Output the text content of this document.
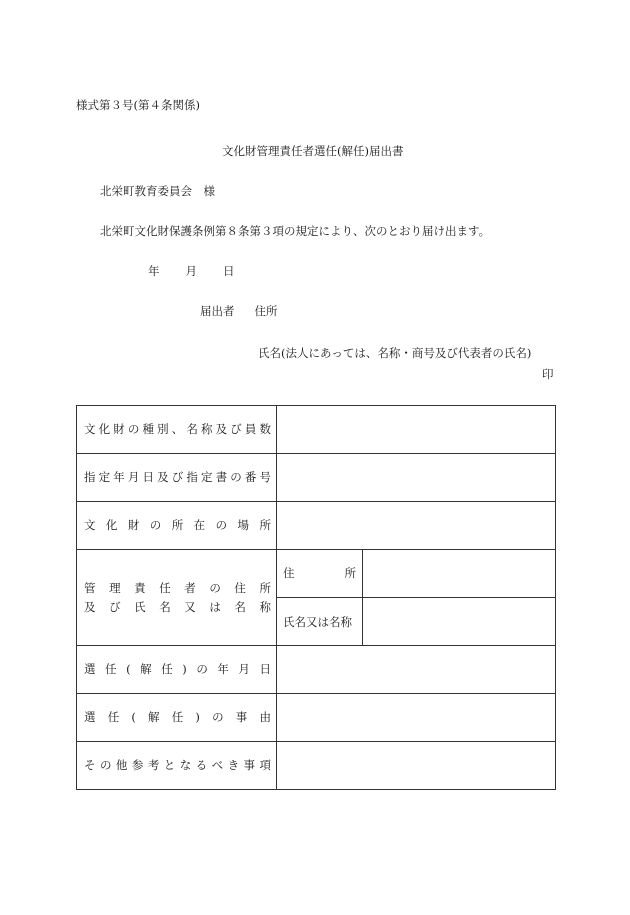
様式第３号(第４条関係)
文化財管理責任者選任(解任)届出書
北栄町教育委員会　様
北栄町文化財保護条例第８条第３項の規定により、次のとおり届け出ます。
年 月 日
届出者 住所
氏名(法人にあっては、名称・商号及び代表者の氏名)
印
文化財の種別、名称及び員数		

指定年月日及び指定書の番号		

文化財の所在の場所		

管理責任者の住所
及び氏名又は名称	住所	

	氏名又は名称	

選任(解任)の年月日		

選任(解任)の事由		

その他参考となるべき事項		
